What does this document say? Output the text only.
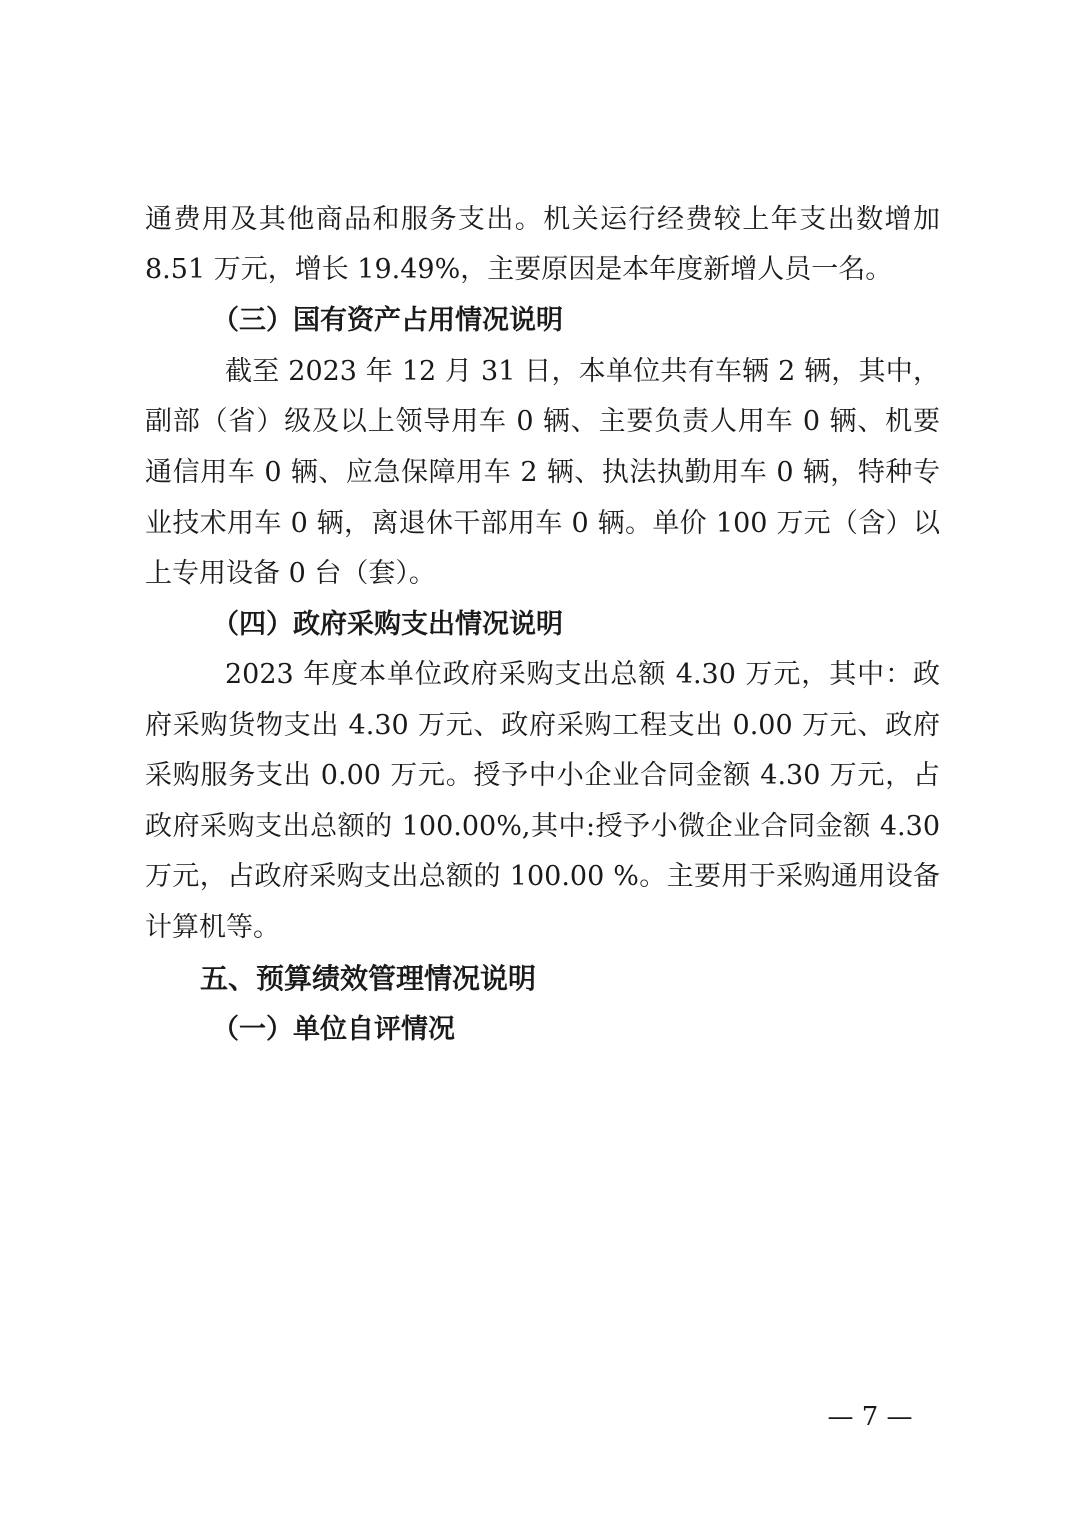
通费用及其他商品和服务支出。机关运行经费较上年支出数增加
8.51 万元，增长 19.49%，主要原因是本年度新增人员一名。
（三）国有资产占用情况说明
截至 2023 年 12 月 31 日，本单位共有车辆 2 辆，其中，
副部（省）级及以上领导用车 0 辆、主要负责人用车 0 辆、机要
通信用车 0 辆、应急保障用车 2 辆、执法执勤用车 0 辆，特种专
业技术用车 0 辆，离退休干部用车 0 辆。单价 100 万元（含）以
上专用设备 0 台（套）。
（四）政府采购支出情况说明
2023 年度本单位政府采购支出总额 4.30 万元，其中：政
府采购货物支出 4.30 万元、政府采购工程支出 0.00 万元、政府
采购服务支出 0.00 万元。授予中小企业合同金额 4.30 万元，占
政府采购支出总额的 100.00%,其中:授予小微企业合同金额 4.30
万元，占政府采购支出总额的 100.00 %。主要用于采购通用设备
计算机等。
五、预算绩效管理情况说明
（一）单位自评情况
— 7 —
